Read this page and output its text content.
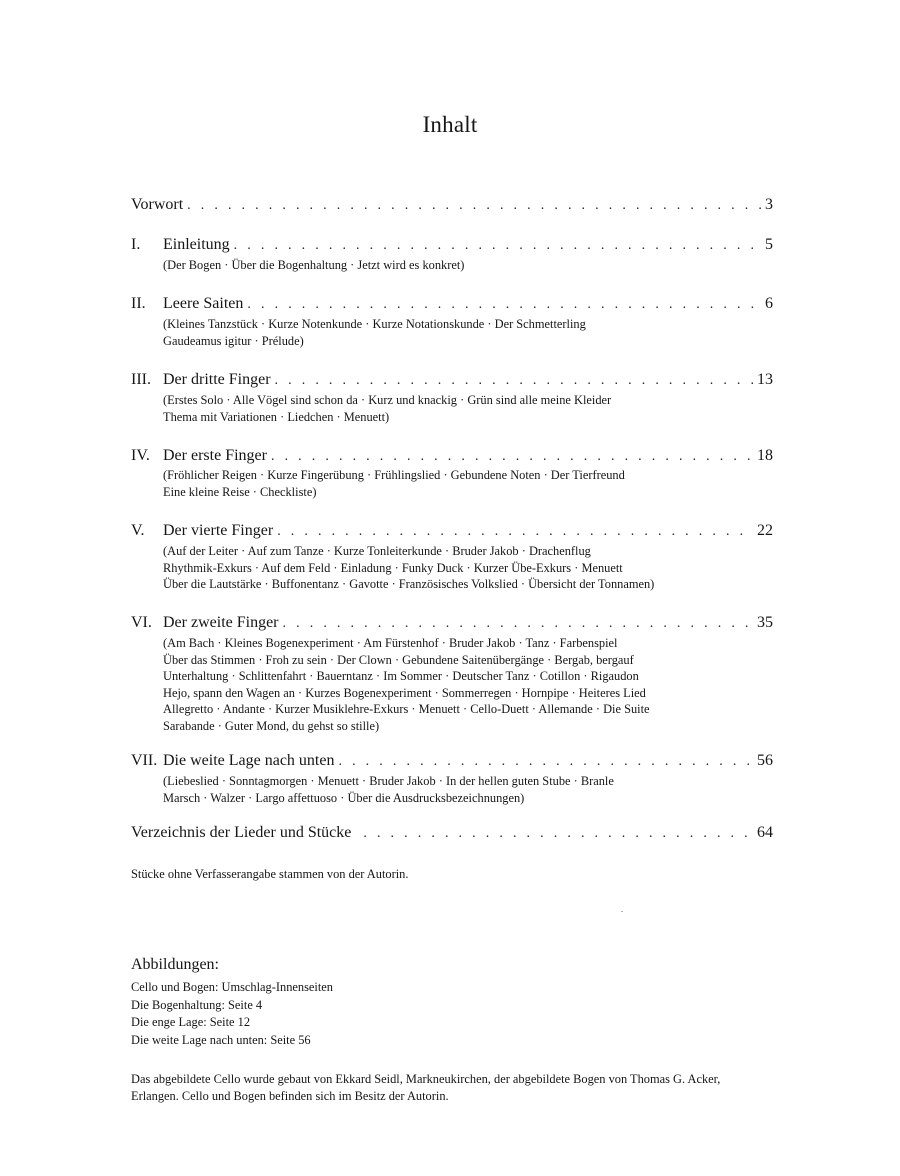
Inhalt
Vorwort . . .	3
I.	Einleitung . . .	5
(Der Bogen · Über die Bogenhaltung · Jetzt wird es konkret)
II.	Leere Saiten . . .	6
(Kleines Tanzstück · Kurze Notenkunde · Kurze Notationskunde · Der Schmetterling
Gaudeamus igitur · Prélude)
III. Der dritte Finger . . .	13
(Erstes Solo · Alle Vögel sind schon da · Kurz und knackig · Grün sind alle meine Kleider
Thema mit Variationen · Liedchen · Menuett)
IV. Der erste Finger . . .	18
(Fröhlicher Reigen · Kurze Fingerübung · Frühlingslied · Gebundene Noten · Der Tierfreund
Eine kleine Reise · Checkliste)
V.	Der vierte Finger . . .	22
(Auf der Leiter · Auf zum Tanze · Kurze Tonleiterkunde · Bruder Jakob · Drachenflug
Rhythmik-Exkurs · Auf dem Feld · Einladung · Funky Duck · Kurzer Übe-Exkurs · Menuett
Über die Lautstärke · Buffonentanz · Gavotte · Französisches Volkslied · Übersicht der Tonnamen)
VI. Der zweite Finger . . .	35
(Am Bach · Kleines Bogenexperiment · Am Fürstenhof · Bruder Jakob · Tanz · Farbenspiel
Über das Stimmen · Froh zu sein · Der Clown · Gebundene Saitenübergänge · Bergab, bergauf
Unterhaltung · Schlittenfahrt · Bauerntanz · Im Sommer · Deutscher Tanz · Cotillon · Rigaudon
Hejo, spann den Wagen an · Kurzes Bogenexperiment · Sommerregen · Hornpipe · Heiteres Lied
Allegretto · Andante · Kurzer Musiklehre-Exkurs · Menuett · Cello-Duett · Allemande · Die Suite
Sarabande · Guter Mond, du gehst so stille)
VII. Die weite Lage nach unten . . .	56
(Liebeslied · Sonntagmorgen · Menuett · Bruder Jakob · In der hellen guten Stube · Branle
Marsch · Walzer · Largo affettuoso · Über die Ausdrucksbezeichnungen)
Verzeichnis der Lieder und Stücke . . .	64
Stücke ohne Verfasserangabe stammen von der Autorin.
Abbildungen:
Cello und Bogen: Umschlag-Innenseiten
Die Bogenhaltung: Seite 4
Die enge Lage: Seite 12
Die weite Lage nach unten: Seite 56
Das abgebildete Cello wurde gebaut von Ekkard Seidl, Markneukirchen, der abgebildete Bogen von Thomas G. Acker,
Erlangen. Cello und Bogen befinden sich im Besitz der Autorin.
